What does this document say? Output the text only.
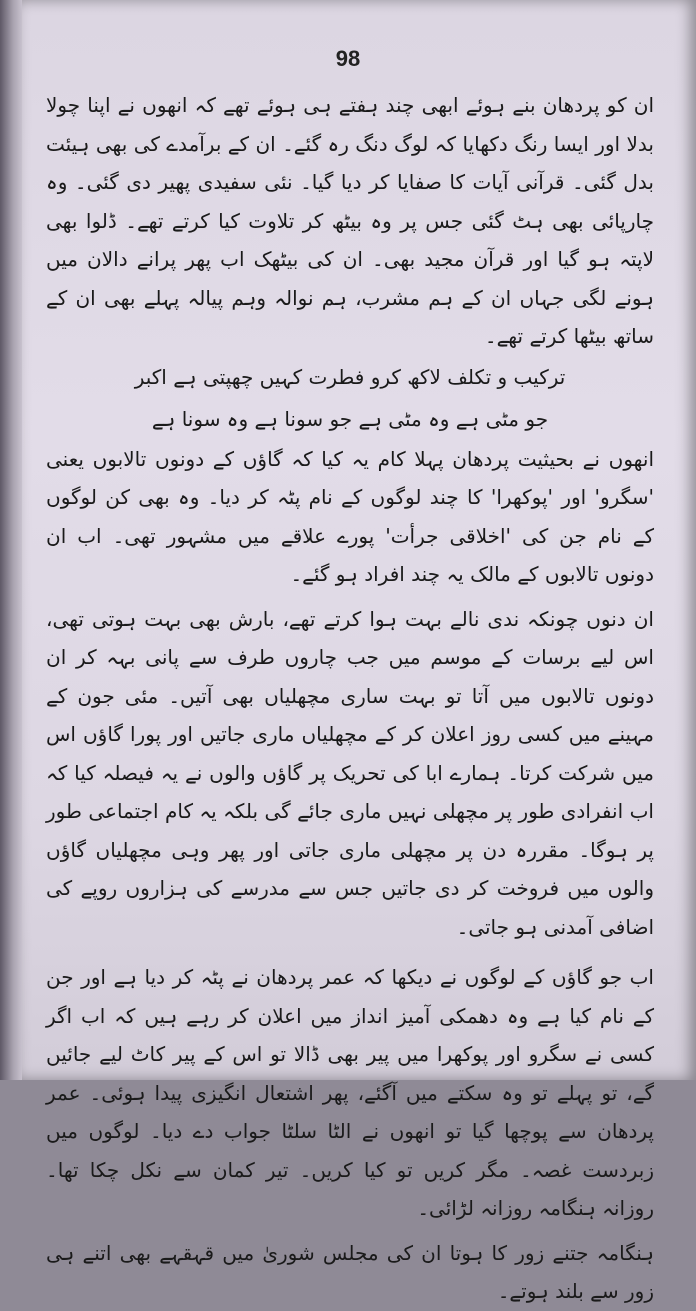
98

ان کو پردھان بنے ہوئے ابھی چند ہفتے ہی ہوئے تھے کہ انھوں نے اپنا چولا بدلا اور ایسا رنگ دکھایا کہ لوگ دنگ رہ گئے۔ ان کے برآمدے کی بھی ہیئت بدل گئی۔ قرآنی آیات کا صفایا کر دیا گیا۔ نئی سفیدی پھیر دی گئی۔ وہ چارپائی بھی ہٹ گئی جس پر وہ بیٹھ کر تلاوت کیا کرتے تھے۔ ڈلوا بھی لاپتہ ہو گیا اور قرآن مجید بھی۔ ان کی بیٹھک اب پھر پرانے دالان میں ہونے لگی جہاں ان کے ہم مشرب، ہم نوالہ وہم پیالہ پہلے بھی ان کے ساتھ بیٹھا کرتے تھے۔

ترکیب و تکلف لاکھ کرو فطرت کہیں چھپتی ہے اکبر

جو مٹی ہے وہ مٹی ہے جو سونا ہے وہ سونا ہے

انھوں نے بحیثیت پردھان پہلا کام یہ کیا کہ گاؤں کے دونوں تالابوں یعنی 'سگرو' اور 'پوکھرا' کا چند لوگوں کے نام پٹہ کر دیا۔ وہ بھی کن لوگوں کے نام جن کی 'اخلاقی جرأت' پورے علاقے میں مشہور تھی۔ اب ان دونوں تالابوں کے مالک یہ چند افراد ہو گئے۔

ان دنوں چونکہ ندی نالے بہت ہوا کرتے تھے، بارش بھی بہت ہوتی تھی، اس لیے برسات کے موسم میں جب چاروں طرف سے پانی بہہ کر ان دونوں تالابوں میں آتا تو بہت ساری مچھلیاں بھی آتیں۔ مئی جون کے مہینے میں کسی روز اعلان کر کے مچھلیاں ماری جاتیں اور پورا گاؤں اس میں شرکت کرتا۔ ہمارے ابا کی تحریک پر گاؤں والوں نے یہ فیصلہ کیا کہ اب انفرادی طور پر مچھلی نہیں ماری جائے گی بلکہ یہ کام اجتماعی طور پر ہوگا۔ مقررہ دن پر مچھلی ماری جاتی اور پھر وہی مچھلیاں گاؤں والوں میں فروخت کر دی جاتیں جس سے مدرسے کی ہزاروں روپے کی اضافی آمدنی ہو جاتی۔

اب جو گاؤں کے لوگوں نے دیکھا کہ عمر پردھان نے پٹہ کر دیا ہے اور جن کے نام کیا ہے وہ دھمکی آمیز انداز میں اعلان کر رہے ہیں کہ اب اگر کسی نے سگرو اور پوکھرا میں پیر بھی ڈالا تو اس کے پیر کاٹ لیے جائیں گے، تو پہلے تو وہ سکتے میں آگئے، پھر اشتعال انگیزی پیدا ہوئی۔ عمر پردھان سے پوچھا گیا تو انھوں نے الٹا سلٹا جواب دے دیا۔ لوگوں میں زبردست غصہ۔ مگر کریں تو کیا کریں۔ تیر کمان سے نکل چکا تھا۔ روزانہ ہنگامہ روزانہ لڑائی۔

ہنگامہ جتنے زور کا ہوتا ان کی مجلس شوریٰ میں قہقہے بھی اتنے ہی زور سے بلند ہوتے۔
